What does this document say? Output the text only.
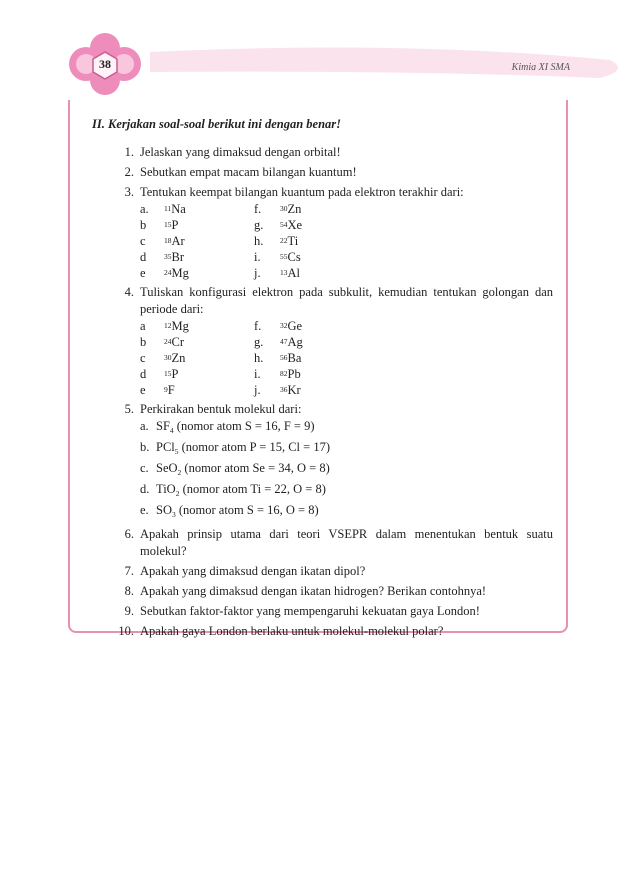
38	Kimia XI SMA
II. Kerjakan soal-soal berikut ini dengan benar!
1. Jelaskan yang dimaksud dengan orbital!
2. Sebutkan empat macam bilangan kuantum!
3. Tentukan keempat bilangan kuantum pada elektron terakhir dari:
a.	11 Na	f.	30 Zn
b	15 P	g.	54 Xe
c	18 Ar	h.	22 Ti
d	35 Br	i.	55 Cs
e	24 Mg	j.	13 Al
4. Tuliskan konfigurasi elektron pada subkulit, kemudian tentukan golongan dan periode dari:
a	12 Mg	f.	32 Ge
b	24 Cr	g.	47 Ag
c	30 Zn	h.	56 Ba
d	15 P	i.	82 Pb
e	9 F	j.	36 Kr
5. Perkirakan bentuk molekul dari:
a. $SF_4$ (nomor atom S = 16, F = 9)
b. PCl$_5$ (nomor atom P = 15, Cl = 17)
c. SeO$_2$ (nomor atom Se = 34, O = 8)
d. TiO$_2$ (nomor atom Ti = 22, O = 8)
e. $SO_3$ (nomor atom S = 16, O = 8)
6. Apakah prinsip utama dari teori VSEPR dalam menentukan bentuk suatu molekul?
7. Apakah yang dimaksud dengan ikatan dipol?
8. Apakah yang dimaksud dengan ikatan hidrogen? Berikan contohnya!
9. Sebutkan faktor-faktor yang mempengaruhi kekuatan gaya London!
10. Apakah gaya London berlaku untuk molekul-molekul polar?
